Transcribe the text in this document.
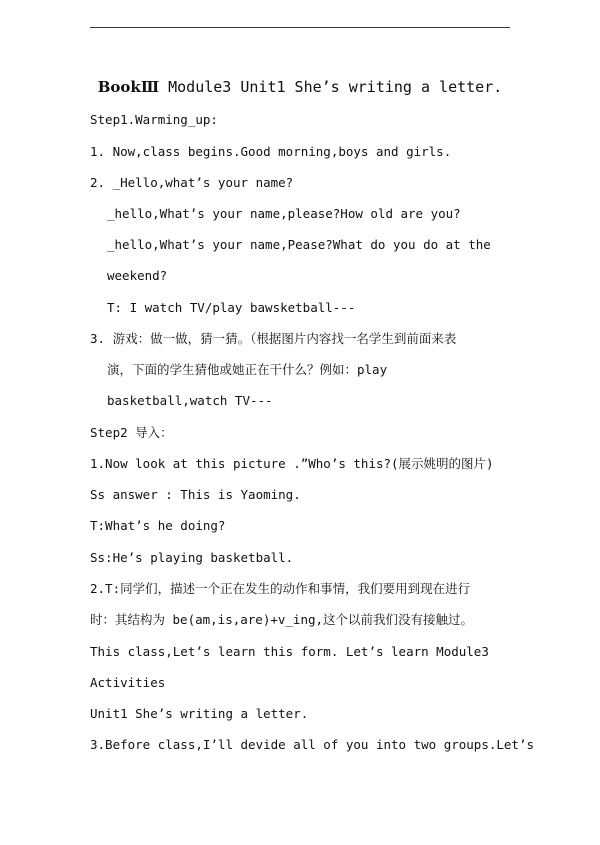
BookⅢ Module3 Unit1 She’s writing a letter.
Step1.Warming_up:
1. Now,class begins.Good morning,boys and girls.
2. _Hello,what’s your name?
_hello,What’s your name,please?How old are you?
_hello,What’s your name,Pease?What do you do at the
weekend?
T: I watch TV/play bawsketball---
3. 游戏：做一做，猜一猜。（根据图片内容找一名学生到前面来表
演，下面的学生猜他或她正在干什么？例如：play
basketball,watch TV---
Step2 导入：
1.Now look at this picture .”Who’s this?(展示姚明的图片)
Ss answer : This is Yaoming.
T:What’s he doing?
Ss:He’s playing basketball.
2.T:同学们，描述一个正在发生的动作和事情，我们要用到现在进行
时：其结构为 be(am,is,are)+v_ing,这个以前我们没有接触过。
This class,Let’s learn this form. Let’s learn Module3
Activities
Unit1 She’s writing a letter.
3.Before class,I’ll devide all of you into two groups.Let’s
